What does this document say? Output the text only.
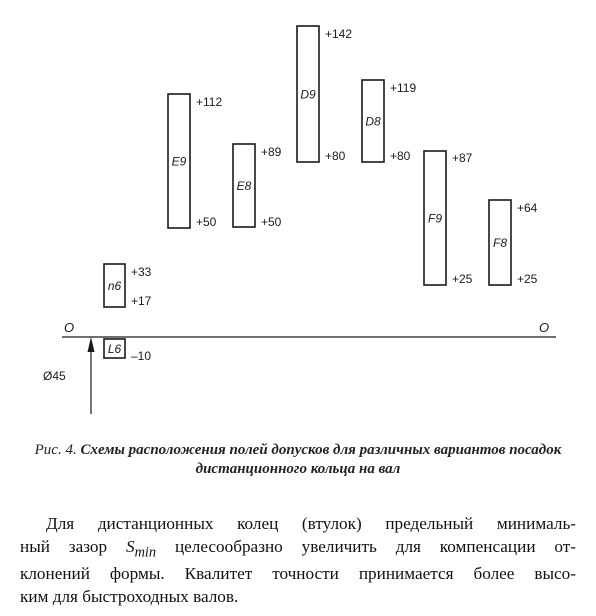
O	O
Ø45
L6 –10
n6
+33
+17
E9
+112
+50
E8
+89
+50
D9
+142
+80
D8
+119
+80
F9
+87
+25
F8
+64
+25
Рис. 4. Схемы расположения полей допусков для различных вариантов посадок дистанционного кольца на вал

Для дистанционных колец (втулок) предельный минималь-
ный зазор $S_{min}$ целесообразно увеличить для компенсации от-
клонений формы. Квалитет точности принимается более высо-
ким для быстроходных валов.
